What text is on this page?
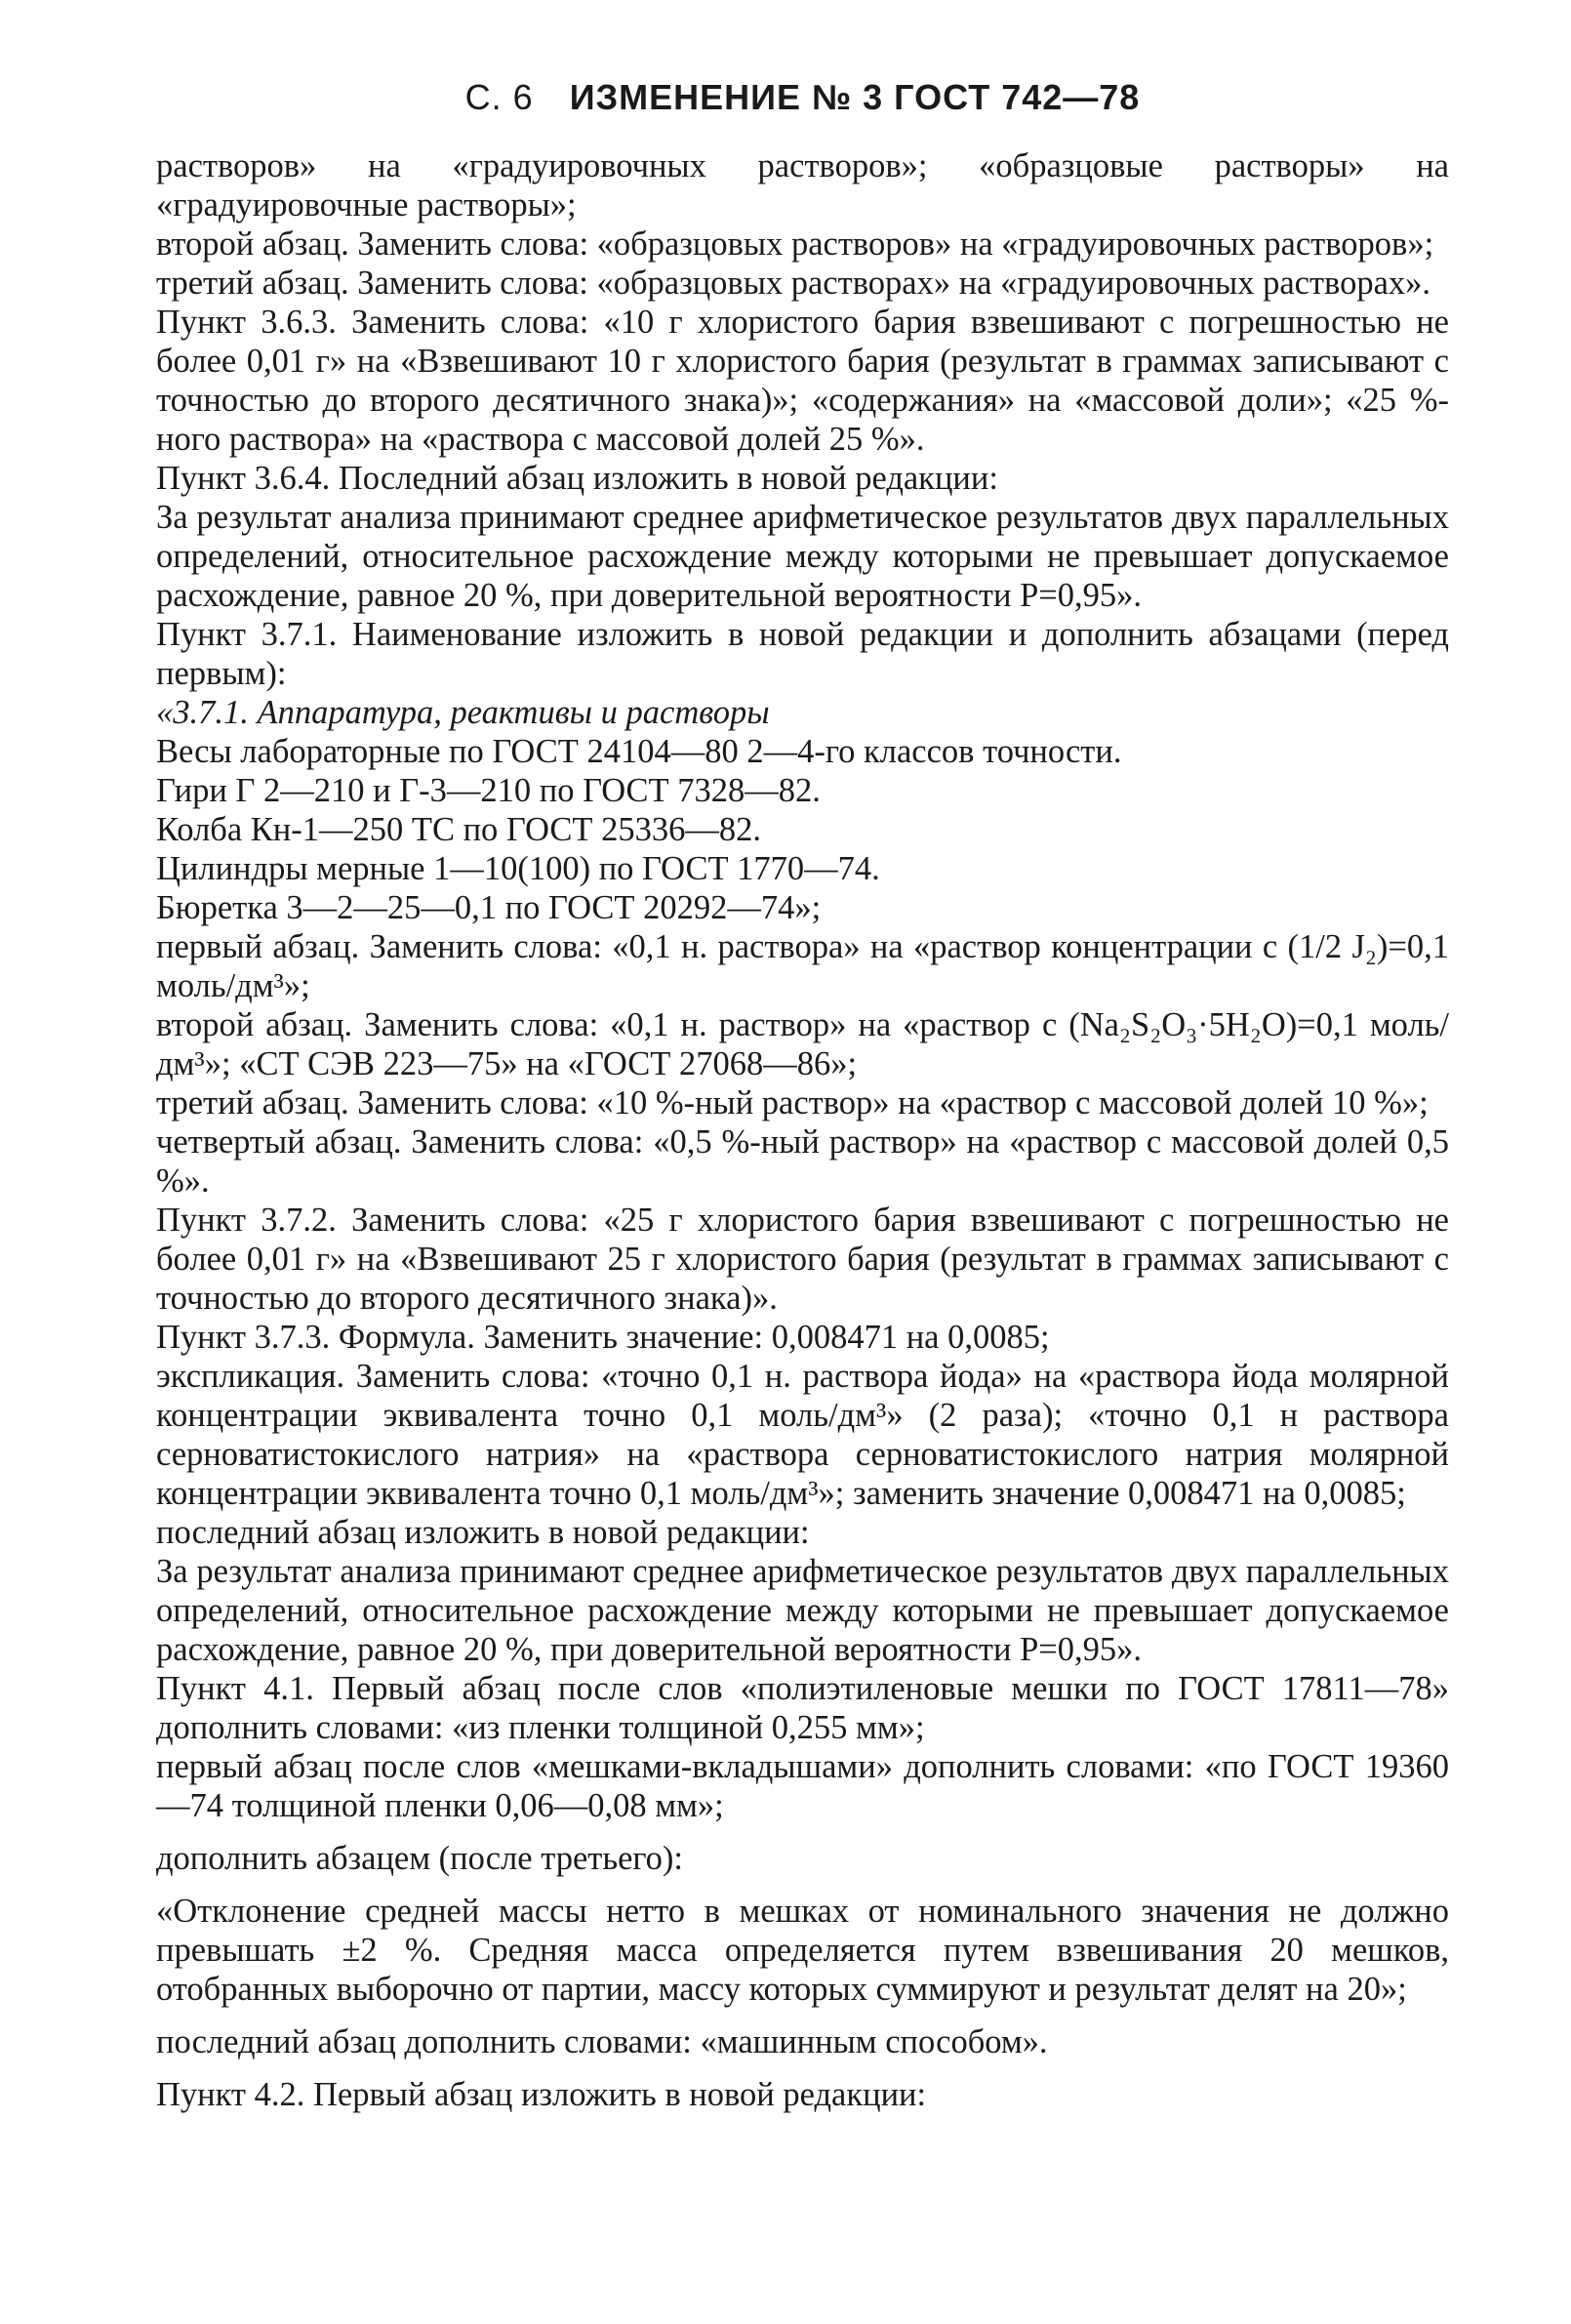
С. 6 ИЗМЕНЕНИЕ № 3 ГОСТ 742—78

растворов» на «градуировочных растворов»; «образцовые растворы» на «градуировочные растворы»;

второй абзац. Заменить слова: «образцовых растворов» на «градуировочных растворов»;

третий абзац. Заменить слова: «образцовых растворах» на «градуировочных растворах».

Пункт 3.6.3. Заменить слова: «10 г хлористого бария взвешивают с погрешностью не более 0,01 г» на «Взвешивают 10 г хлористого бария (результат в граммах записывают с точностью до второго десятичного знака)»; «содержания» на «массовой доли»; «25 %-ного раствора» на «раствора с массовой долей 25 %».

Пункт 3.6.4. Последний абзац изложить в новой редакции:

За результат анализа принимают среднее арифметическое результатов двух параллельных определений, относительное расхождение между которыми не превышает допускаемое расхождение, равное 20 %, при доверительной вероятности P=0,95».

Пункт 3.7.1. Наименование изложить в новой редакции и дополнить абзацами (перед первым):

«3.7.1. Аппаратура, реактивы и растворы

Весы лабораторные по ГОСТ 24104—80 2—4-го классов точности.

Гири Г 2—210 и Г-3—210 по ГОСТ 7328—82.

Колба Кн-1—250 ТС по ГОСТ 25336—82.

Цилиндры мерные 1—10(100) по ГОСТ 1770—74.

Бюретка 3—2—25—0,1 по ГОСТ 20292—74»;

первый абзац. Заменить слова: «0,1 н. раствора» на «раствор концентрации c (1/2 J₂)=0,1 моль/дм³»;

второй абзац. Заменить слова: «0,1 н. раствор» на «раствор c (Na₂S₂O₃·5H₂O)=0,1 моль/дм³»; «СТ СЭВ 223—75» на «ГОСТ 27068—86»;

третий абзац. Заменить слова: «10 %-ный раствор» на «раствор с массовой долей 10 %»;

четвертый абзац. Заменить слова: «0,5 %-ный раствор» на «раствор с массовой долей 0,5 %».

Пункт 3.7.2. Заменить слова: «25 г хлористого бария взвешивают с погрешностью не более 0,01 г» на «Взвешивают 25 г хлористого бария (результат в граммах записывают с точностью до второго десятичного знака)».

Пункт 3.7.3. Формула. Заменить значение: 0,008471 на 0,0085;

экспликация. Заменить слова: «точно 0,1 н. раствора йода» на «раствора йода молярной концентрации эквивалента точно 0,1 моль/дм³» (2 раза); «точно 0,1 н раствора серноватистокислого натрия» на «раствора серноватистокислого натрия молярной концентрации эквивалента точно 0,1 моль/дм³»; заменить значение 0,008471 на 0,0085;

последний абзац изложить в новой редакции:

За результат анализа принимают среднее арифметическое результатов двух параллельных определений, относительное расхождение между которыми не превышает допускаемое расхождение, равное 20 %, при доверительной вероятности P=0,95».

Пункт 4.1. Первый абзац после слов «полиэтиленовые мешки по ГОСТ 17811—78» дополнить словами: «из пленки толщиной 0,255 мм»;

первый абзац после слов «мешками-вкладышами» дополнить словами: «по ГОСТ 19360—74 толщиной пленки 0,06—0,08 мм»;

дополнить абзацем (после третьего):

«Отклонение средней массы нетто в мешках от номинального значения не должно превышать ±2 %. Средняя масса определяется путем взвешивания 20 мешков, отобранных выборочно от партии, массу которых суммируют и результат делят на 20»;

последний абзац дополнить словами: «машинным способом».

Пункт 4.2. Первый абзац изложить в новой редакции:
